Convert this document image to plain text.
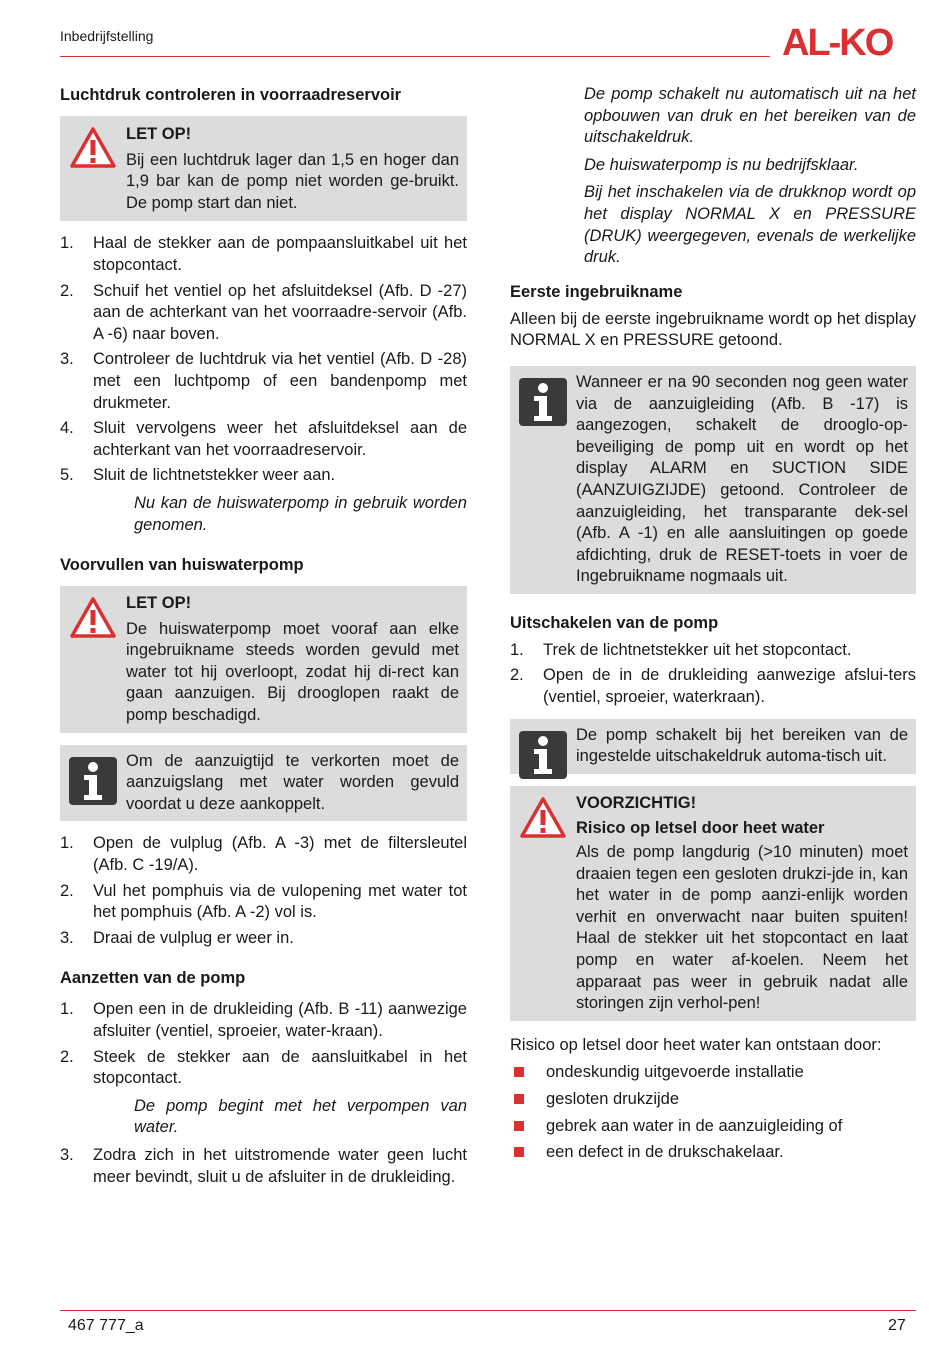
Inbedrijfstelling	AL-KO
Luchtdruk controleren in voorraadreservoir
LET OP!

Bij een luchtdruk lager dan 1,5 en hoger dan 1,9 bar kan de pomp niet worden ge-bruikt. De pomp start dan niet.

1. Haal de stekker aan de pompaansluitkabel uit het stopcontact.
2. Schuif het ventiel op het afsluitdeksel (Afb. D -27) aan de achterkant van het voorraadre-servoir (Afb. A -6) naar boven.
3. Controleer de luchtdruk via het ventiel (Afb. D -28) met een luchtpomp of een bandenpomp met drukmeter.
4. Sluit vervolgens weer het afsluitdeksel aan de achterkant van het voorraadreservoir.
5. Sluit de lichtnetstekker weer aan.

Nu kan de huiswaterpomp in gebruik worden genomen.

Voorvullen van huiswaterpomp
LET OP!

De huiswaterpomp moet vooraf aan elke ingebruikname steeds worden gevuld met water tot hij overloopt, zodat hij di-rect kan gaan aanzuigen. Bij drooglopen raakt de pomp beschadigd.

Om de aanzuigtijd te verkorten moet de aanzuigslang met water worden gevuld voordat u deze aankoppelt.

1. Open de vulplug (Afb. A -3) met de filtersleutel (Afb. C -19/A).
2. Vul het pomphuis via de vulopening met water tot het pomphuis (Afb. A -2) vol is.
3. Draai de vulplug er weer in.
Aanzetten van de pomp
1. Open een in de drukleiding (Afb. B -11) aanwezige afsluiter (ventiel, sproeier, water-kraan).
2. Steek de stekker aan de aansluitkabel in het stopcontact.

De pomp begint met het verpompen van water.

3. Zodra zich in het uitstromende water geen lucht meer bevindt, sluit u de afsluiter in de drukleiding.

De pomp schakelt nu automatisch uit na het opbouwen van druk en het bereiken van de uitschakeldruk.

De huiswaterpomp is nu bedrijfsklaar.

Bij het inschakelen via de drukknop wordt op het display NORMAL X en PRESSURE (DRUK) weergegeven, evenals de werkelijke druk.

Eerste ingebruikname

Alleen bij de eerste ingebruikname wordt op het display NORMAL X en PRESSURE getoond.

Wanneer er na 90 seconden nog geen water via de aanzuigleiding (Afb. B -17) is aangezogen, schakelt de drooglo-op-beveiliging de pomp uit en wordt op het display ALARM en SUCTION SIDE (AANZUIGZIJDE) getoond. Controleer de aanzuigleiding, het transparante dek-sel (Afb. A -1) en alle aansluitingen op goede afdichting, druk de RESET-toets in voer de Ingebruikname nogmaals uit.

Uitschakelen van de pomp
1. Trek de lichtnetstekker uit het stopcontact.
2. Open de in de drukleiding aanwezige afslui-ters (ventiel, sproeier, waterkraan).

De pomp schakelt bij het bereiken van de ingestelde uitschakeldruk automa-tisch uit.

VOORZICHTIG!
Risico op letsel door heet water

Als de pomp langdurig (>10 minuten) moet draaien tegen een gesloten drukzi-jde in, kan het water in de pomp aanzi-enlijk worden verhit en onverwacht naar buiten spuiten! Haal de stekker uit het stopcontact en laat pomp en water af-koelen. Neem het apparaat pas weer in gebruik nadat alle storingen zijn verhol-pen!

Risico op letsel door heet water kan ontstaan door:

ondeskundig uitgevoerde installatie
gesloten drukzijde
gebrek aan water in de aanzuigleiding of
een defect in de drukschakelaar.
467 777_a	27
